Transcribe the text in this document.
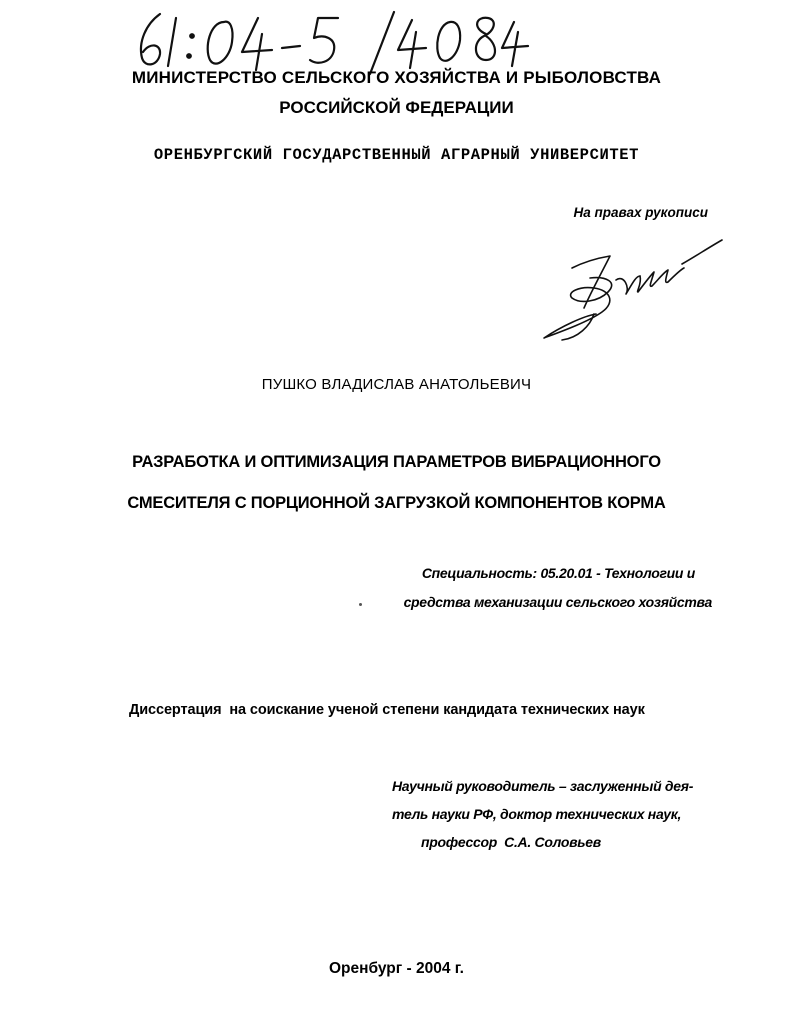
МИНИСТЕРСТВО СЕЛЬСКОГО ХОЗЯЙСТВА И РЫБОЛОВСТВА
РОССИЙСКОЙ ФЕДЕРАЦИИ
ОРЕНБУРГСКИЙ ГОСУДАРСТВЕННЫЙ АГРАРНЫЙ УНИВЕРСИТЕТ
На правах рукописи
ПУШКО ВЛАДИСЛАВ АНАТОЛЬЕВИЧ
РАЗРАБОТКА И ОПТИМИЗАЦИЯ ПАРАМЕТРОВ ВИБРАЦИОННОГО
СМЕСИТЕЛЯ С ПОРЦИОННОЙ ЗАГРУЗКОЙ КОМПОНЕНТОВ КОРМА
Специальность: 05.20.01 - Технологии и
средства механизации сельского хозяйства
Диссертация  на соискание ученой степени кандидата технических наук
Научный руководитель – заслуженный дея-
тель науки РФ, доктор технических наук,
профессор  С.А. Соловьев
Оренбург - 2004 г.
